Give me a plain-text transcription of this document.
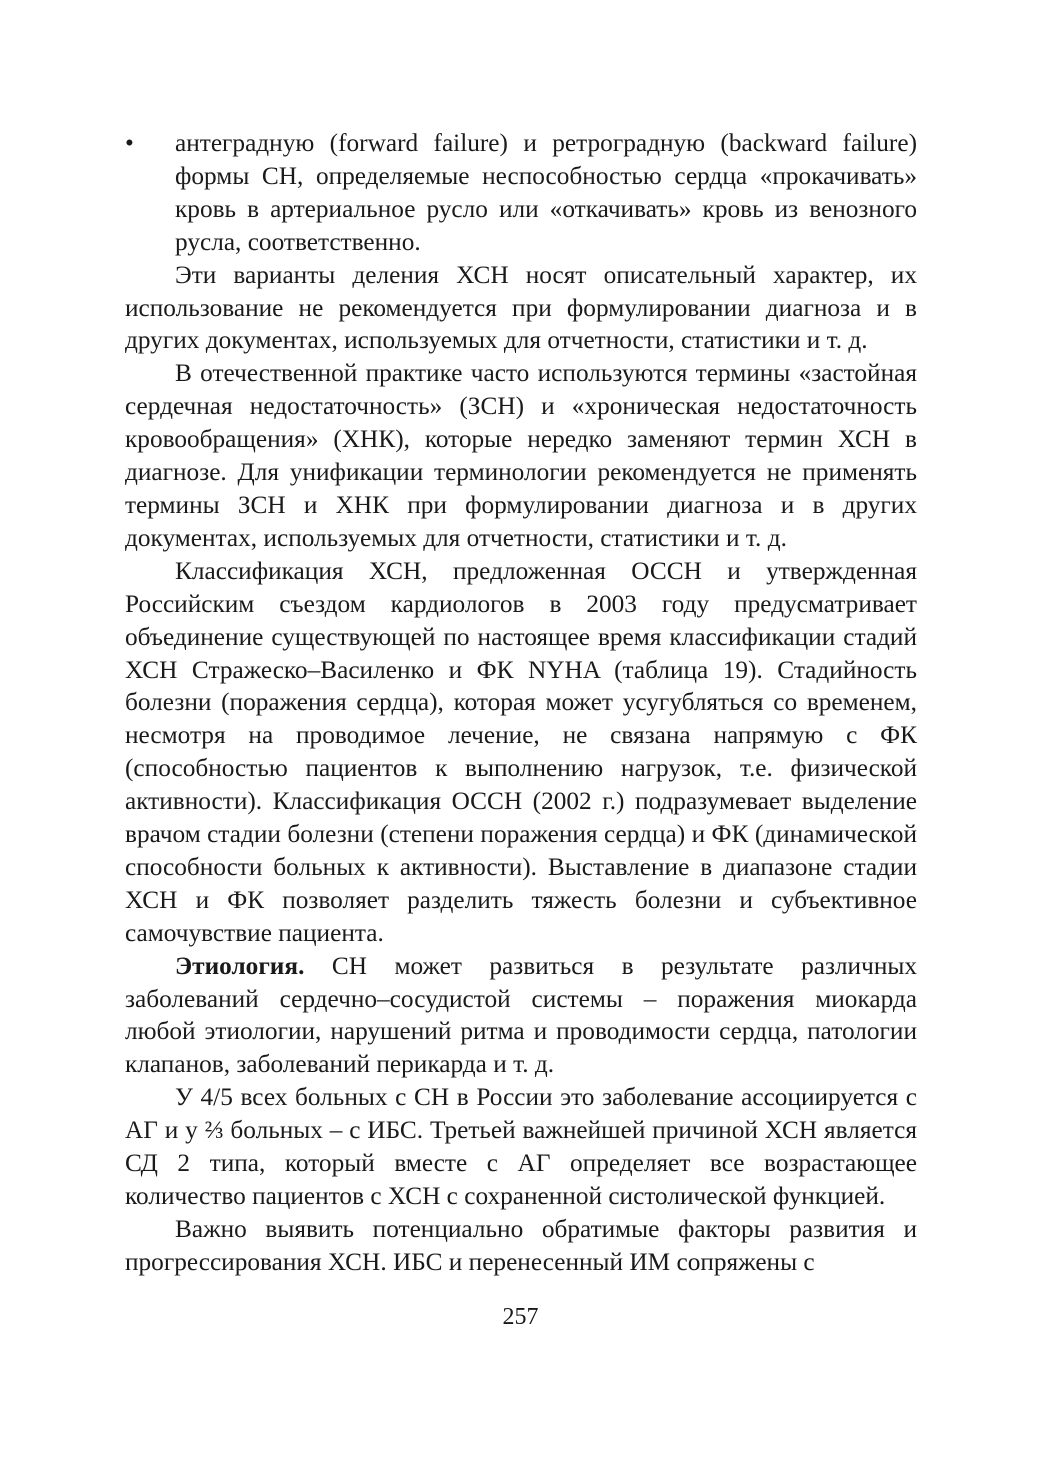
•	антеградную (forward failure) и ретроградную (backward failure) формы СН, определяемые неспособностью сердца «прокачивать» кровь в артериальное русло или «откачивать» кровь из венозного русла, соответственно.

Эти варианты деления ХСН носят описательный характер, их использование не рекомендуется при формулировании диагноза и в других документах, используемых для отчетности, статистики и т. д.

В отечественной практике часто используются термины «застойная сердечная недостаточность» (ЗСН) и «хроническая недостаточность кровообращения» (ХНК), которые нередко заменяют термин ХСН в диагнозе. Для унификации терминологии рекомендуется не применять термины ЗСН и ХНК при формулировании диагноза и в других документах, используемых для отчетности, статистики и т. д.

Классификация ХСН, предложенная ОССН и утвержденная Российским съездом кардиологов в 2003 году предусматривает объединение существующей по настоящее время классификации стадий ХСН Стражеско–Василенко и ФК NYHA (таблица 19). Стадийность болезни (поражения сердца), которая может усугубляться со временем, несмотря на проводимое лечение, не связана напрямую с ФК (способностью пациентов к выполнению нагрузок, т.е. физической активности). Классификация ОССН (2002 г.) подразумевает выделение врачом стадии болезни (степени поражения сердца) и ФК (динамической способности больных к активности). Выставление в диапазоне стадии ХСН и ФК позволяет разделить тяжесть болезни и субъективное самочувствие пациента.

Этиология. СН может развиться в результате различных заболеваний сердечно–сосудистой системы – поражения миокарда любой этиологии, нарушений ритма и проводимости сердца, патологии клапанов, заболеваний перикарда и т. д.

У 4/5 всех больных с СН в России это заболевание ассоциируется с АГ и у ⅔ больных – с ИБС. Третьей важнейшей причиной ХСН является СД 2 типа, который вместе с АГ определяет все возрастающее количество пациентов с ХСН с сохраненной систолической функцией.

Важно выявить потенциально обратимые факторы развития и прогрессирования ХСН. ИБС и перенесенный ИМ сопряжены с

257
